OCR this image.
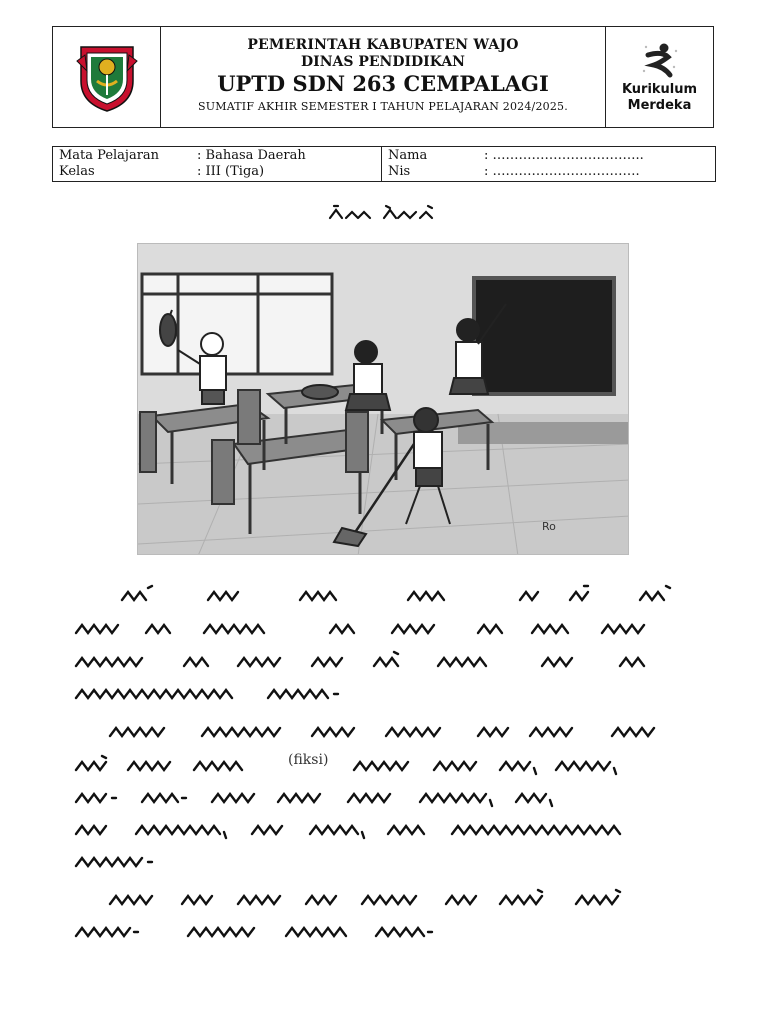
PEMERINTAH KABUPATEN WAJO
DINAS PENDIDIKAN
UPTD SDN 263 CEMPALAGI
SUMATIF AKHIR SEMESTER I TAHUN PELAJARAN 2024/2025.
Kurikulum
Merdeka
Mata Pelajaran	: Bahasa Daerah
Kelas	: III (Tiga)
Nama	: ……………………………..
Nis	: …………………………….
Ro
(fiksi)
